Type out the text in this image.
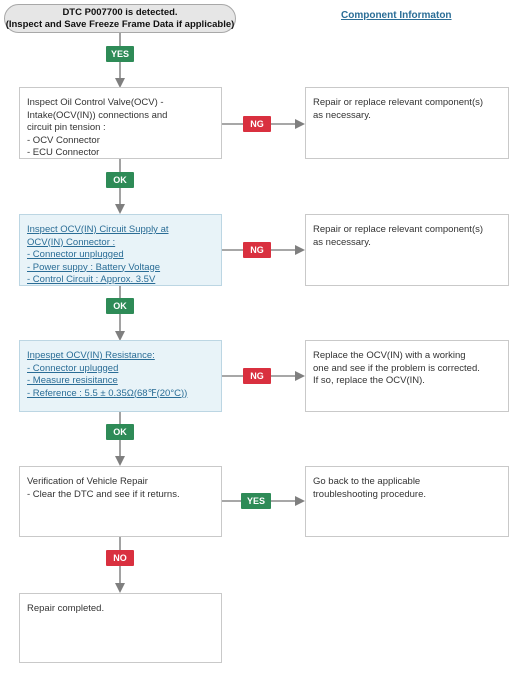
DTC P007700 is detected.
(Inspect and Save Freeze Frame Data if applicable)
Component Informaton
YES
Inspect Oil Control Valve(OCV) -
Intake(OCV(IN)) connections and
circuit pin tension :
- OCV Connector
- ECU Connector
NG
Repair or replace relevant component(s)
as necessary.
OK
Inspect OCV(IN) Circuit Supply at
OCV(IN) Connector :
- Connector unplugged
- Power suppy : Battery Voltage
- Control Circuit : Approx. 3.5V
NG
Repair or replace relevant component(s)
as necessary.
OK
Inpespet OCV(IN) Resistance:
- Connector uplugged
- Measure resisitance
- Reference : 5.5 ± 0.35Ω(68℉(20°C))
NG
Replace the OCV(IN) with a working
one and see if the problem is corrected.
If so, replace the OCV(IN).
OK
Verification of Vehicle Repair
- Clear the DTC and see if it returns.
YES
Go back to the applicable
troubleshooting procedure.
NO
Repair completed.
